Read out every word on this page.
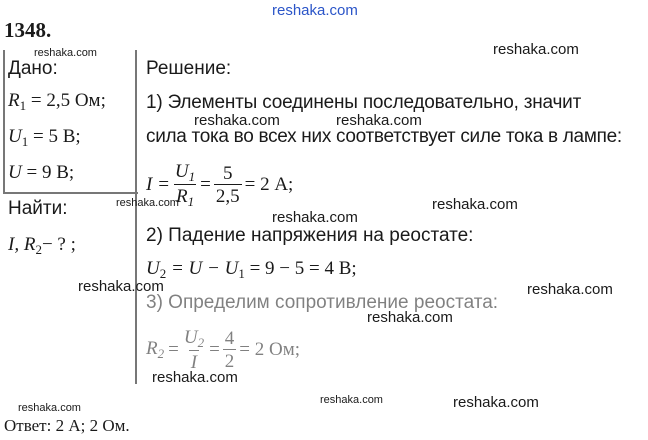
1348.
reshaka.com
Дано:
$R_1 = 2,5$ Ом;
$U_1 = 5$ В;
U = 9 В;
Найти:
I, $R_2-$ ? ;
Решение:
1) Элементы соединены последовательно, значит
сила тока во всех них соответствует силе тока в лампе:
$I = \frac{U_1}{R_1} = \frac{5}{2,5} = 2$ А;
2) Падение напряжения на реостате:
$U_2 = U - U_1 = 9 - 5 = 4$ В;
3) Определим сопротивление реостата:
$R_2 = \frac{U_2}{I} = \frac{4}{2} = 2$ Ом;
Ответ: 2 А; 2 Ом.
reshaka.com	reshaka.com
reshaka.com	reshaka.com
reshaka.com	reshaka.com
reshaka.com
reshaka.com	reshaka.com
reshaka.com
reshaka.com
reshaka.com
reshaka.com	reshaka.com
